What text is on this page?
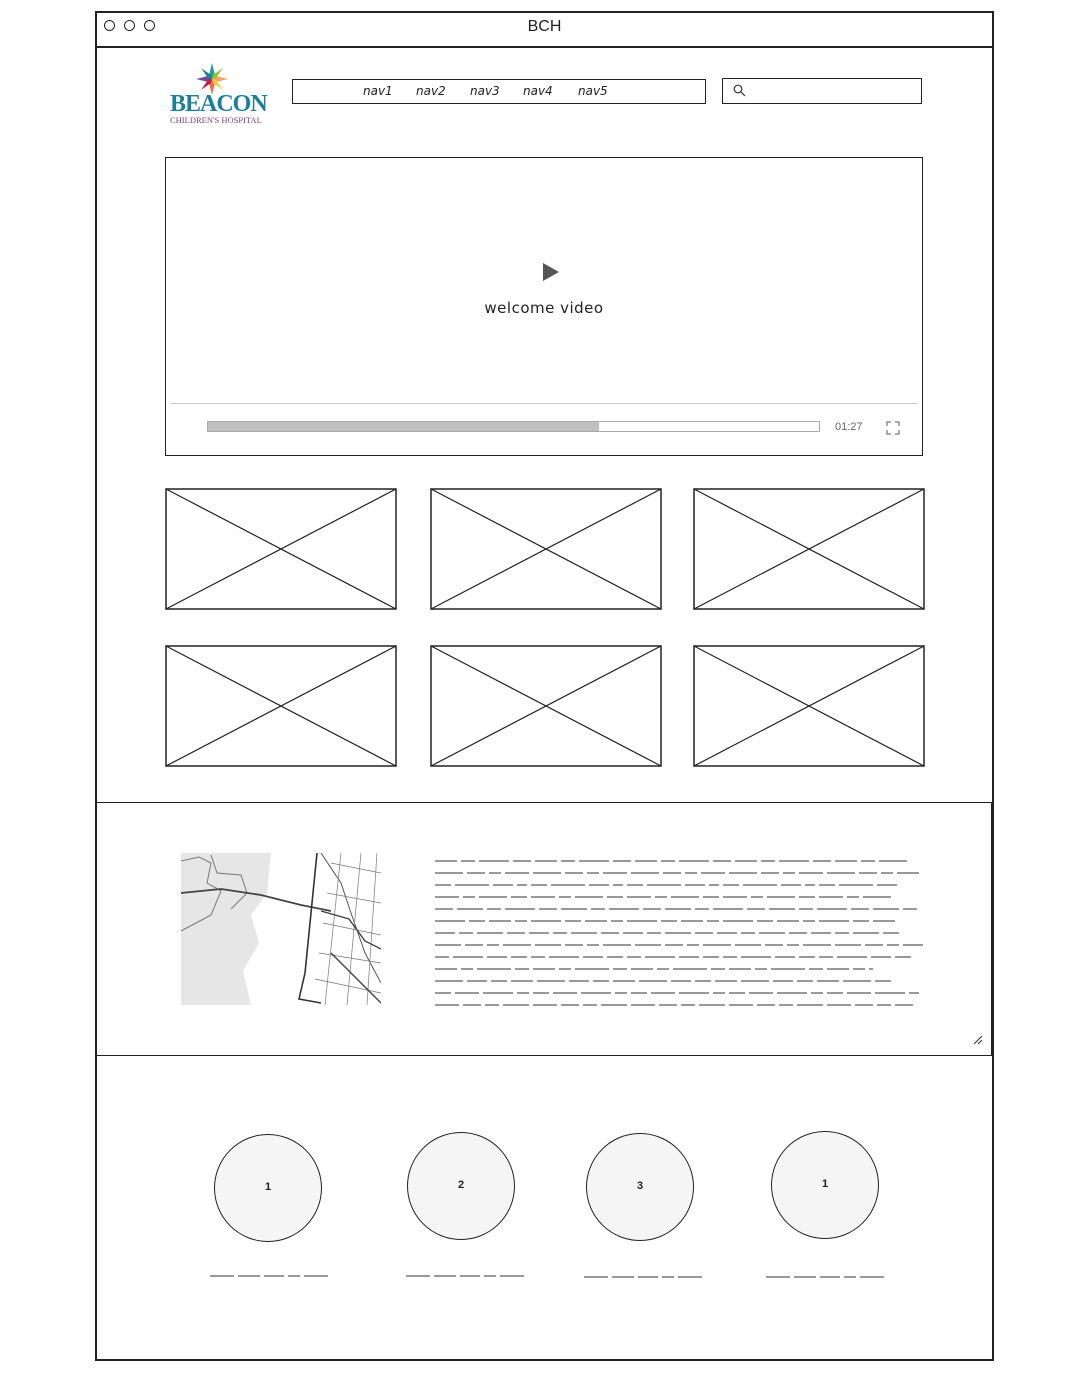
BCH
BEACON
CHILDREN'S HOSPITAL
nav1 nav2 nav3 nav4 nav5
welcome video
01:27
1	2	3	1
